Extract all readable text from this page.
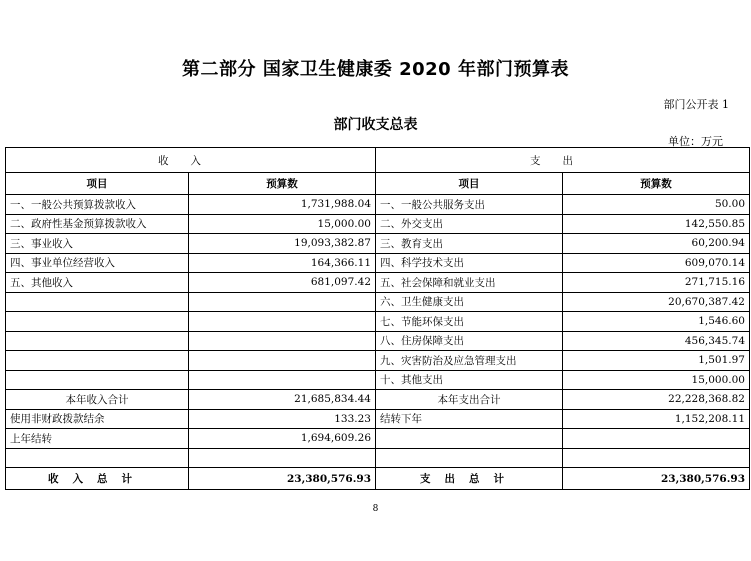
第二部分 国家卫生健康委 2020 年部门预算表
部门公开表 1
部门收支总表
单位：万元
收入		支出	
项目	预算数	项目	预算数
一、一般公共预算拨款收入	1,731,988.04	一、一般公共服务支出	50.00
二、政府性基金预算拨款收入	15,000.00	二、外交支出	142,550.85
三、事业收入	19,093,382.87	三、教育支出	60,200.94
四、事业单位经营收入	164,366.11	四、科学技术支出	609,070.14
五、其他收入	681,097.42	五、社会保障和就业支出	271,715.16
		六、卫生健康支出	20,670,387.42
		七、节能环保支出	1,546.60
		八、住房保障支出	456,345.74
		九、灾害防治及应急管理支出	1,501.97
		十、其他支出	15,000.00
本年收入合计	21,685,834.44	本年支出合计	22,228,368.82
使用非财政拨款结余	133.23	结转下年	1,152,208.11
上年结转	1,694,609.26		

收入总计	23,380,576.93	支出总计	23,380,576.93
8
